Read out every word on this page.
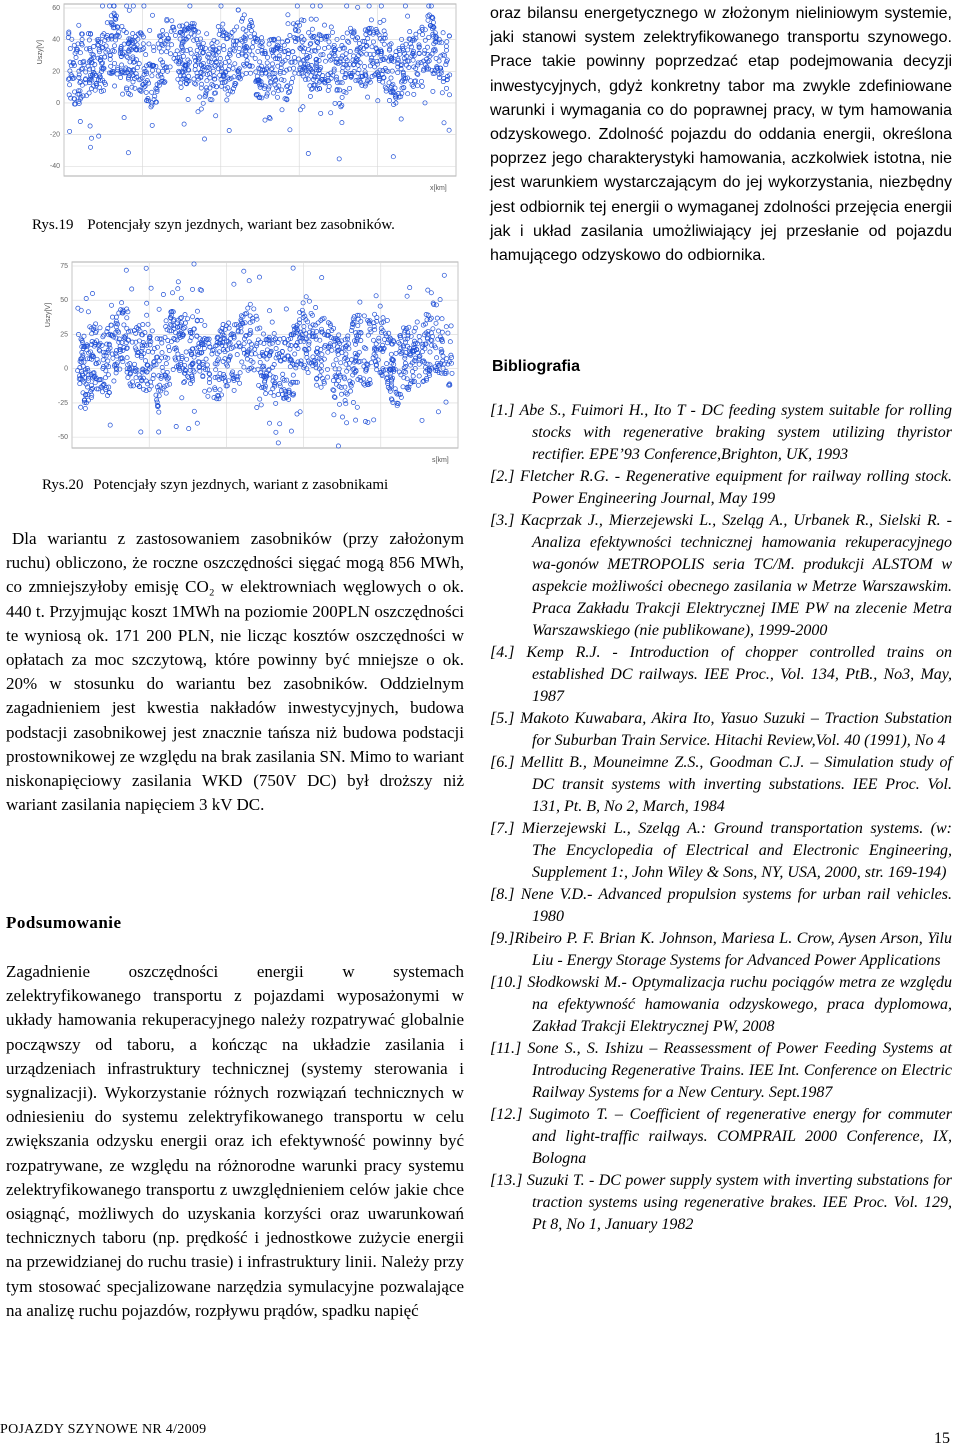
60
40
20
0
-20
-40
Uszy[V]
x[km]
Rys.19 Potencjały szyn jezdnych, wariant bez zasobników.
75
50
25
0
-25
-50
Uszy[V]
s[km]
Rys.20 Potencjały szyn jezdnych, wariant z zasobnikami

Dla wariantu z zastosowaniem zasobników (przy założonym ruchu) obliczono, że roczne oszczędności sięgać mogą 856 MWh, co zmniejszyłoby emisję CO₂ w elektrowniach węglowych o ok. 440 t. Przyjmując koszt 1MWh na poziomie 200PLN oszczędności te wyniosą ok. 171 200 PLN, nie licząc kosztów oszczędności w opłatach za moc szczytową, które powinny być mniejsze o ok. 20% w stosunku do wariantu bez zasobników. Oddzielnym zagadnieniem jest kwestia nakładów inwestycyjnych, budowa podstacji zasobnikowej jest znacznie tańsza niż budowa podstacji prostownikowej ze względu na brak zasilania SN. Mimo to wariant niskonapięciowy zasilania WKD (750V DC) był droższy niż wariant zasilania napięciem 3 kV DC.

Podsumowanie

Zagadnienie oszczędności energii w systemach zelektryfikowanego transportu z pojazdami wyposażonymi w układy hamowania rekuperacyjnego należy rozpatrywać globalnie począwszy od taboru, a kończąc na układzie zasilania i urządzeniach infrastruktury technicznej (systemy sterowania i sygnalizacji). Wykorzystanie różnych rozwiązań technicznych w odniesieniu do systemu zelektryfikowanego transportu w celu zwiększania odzysku energii oraz ich efektywność powinny być rozpatrywane, ze względu na różnorodne warunki pracy systemu zelektryfikowanego transportu z uwzględnieniem celów jakie chce osiągnąć, możliwych do uzyskania korzyści oraz uwarunkowań technicznych taboru (np. prędkość i jednostkowe zużycie energii na przewidzianej do ruchu trasie) i infrastruktury linii. Należy przy tym stosować specjalizowane narzędzia symulacyjne pozwalające na analizę ruchu pojazdów, rozpływu prądów, spadku napięć

oraz bilansu energetycznego w złożonym nieliniowym systemie, jaki stanowi system zelektryfikowanego transportu szynowego. Prace takie powinny poprzedzać etap podejmowania decyzji inwestycyjnych, gdyż konkretny tabor ma zwykle zdefiniowane warunki i wymagania co do poprawnej pracy, w tym hamowania odzyskowego. Zdolność pojazdu do oddania energii, określona poprzez jego charakterystyki hamowania, aczkolwiek istotna, nie jest warunkiem wystarczającym do jej wykorzystania, niezbędny jest odbiornik tej energii o wymaganej zdolności przejęcia energii jak i układ zasilania umożliwiający jej przesłanie od pojazdu hamującego odzyskowo do odbiornika.

Bibliografia
[1.] Abe S., Fuimori H., Ito T - DC feeding system suitable for rolling stocks with regenerative braking system utilizing thyristor rectifier. EPE’93 Conference,Brighton, UK, 1993
[2.] Fletcher R.G. - Regenerative equipment for railway rolling stock. Power Engineering Journal, May 199
[3.] Kacprzak J., Mierzejewski L., Szeląg A., Urbanek R., Sielski R. - Analiza efektywności technicznej hamowania rekuperacyjnego wa-gonów METROPOLIS seria TC/M. produkcji ALSTOM w aspekcie możliwości obecnego zasilania w Metrze Warszawskim. Praca Zakładu Trakcji Elektrycznej IME PW na zlecenie Metra Warszawskiego (nie publikowane), 1999-2000
[4.] Kemp R.J. - Introduction of chopper controlled trains on established DC railways. IEE Proc., Vol. 134, PtB., No3, May, 1987
[5.] Makoto Kuwabara, Akira Ito, Yasuo Suzuki – Traction Substation for Suburban Train Service. Hitachi Review,Vol. 40 (1991), No 4
[6.] Mellitt B., Mouneimne Z.S., Goodman C.J. – Simulation study of DC transit systems with inverting substations. IEE Proc. Vol. 131, Pt. B, No 2, March, 1984
[7.] Mierzejewski L., Szeląg A.: Ground transportation systems. (w: The Encyclopedia of Electrical and Electronic Engineering, Supplement 1:, John Wiley & Sons, NY, USA, 2000, str. 169-194)
[8.] Nene V.D.- Advanced propulsion systems for urban rail vehicles. 1980
[9.]Ribeiro P. F. Brian K. Johnson, Mariesa L. Crow, Aysen Arson, Yilu Liu - Energy Storage Systems for Advanced Power Applications
[10.] Słodkowski M.- Optymalizacja ruchu pociągów metra ze względu na efektywność hamowania odzyskowego, praca dyplomowa, Zakład Trakcji Elektrycznej PW, 2008
[11.] Sone S., S. Ishizu – Reassessment of Power Feeding Systems at Introducing Regenerative Trains. IEE Int. Conference on Electric Railway Systems for a New Century. Sept.1987
[12.] Sugimoto T. – Coefficient of regenerative energy for commuter and light-traffic railways. COMPRAIL 2000 Conference, IX, Bologna
[13.] Suzuki T. - DC power supply system with inverting substations for traction systems using regenerative brakes. IEE Proc. Vol. 129, Pt 8, No 1, January 1982
POJAZDY SZYNOWE NR 4/2009
15
